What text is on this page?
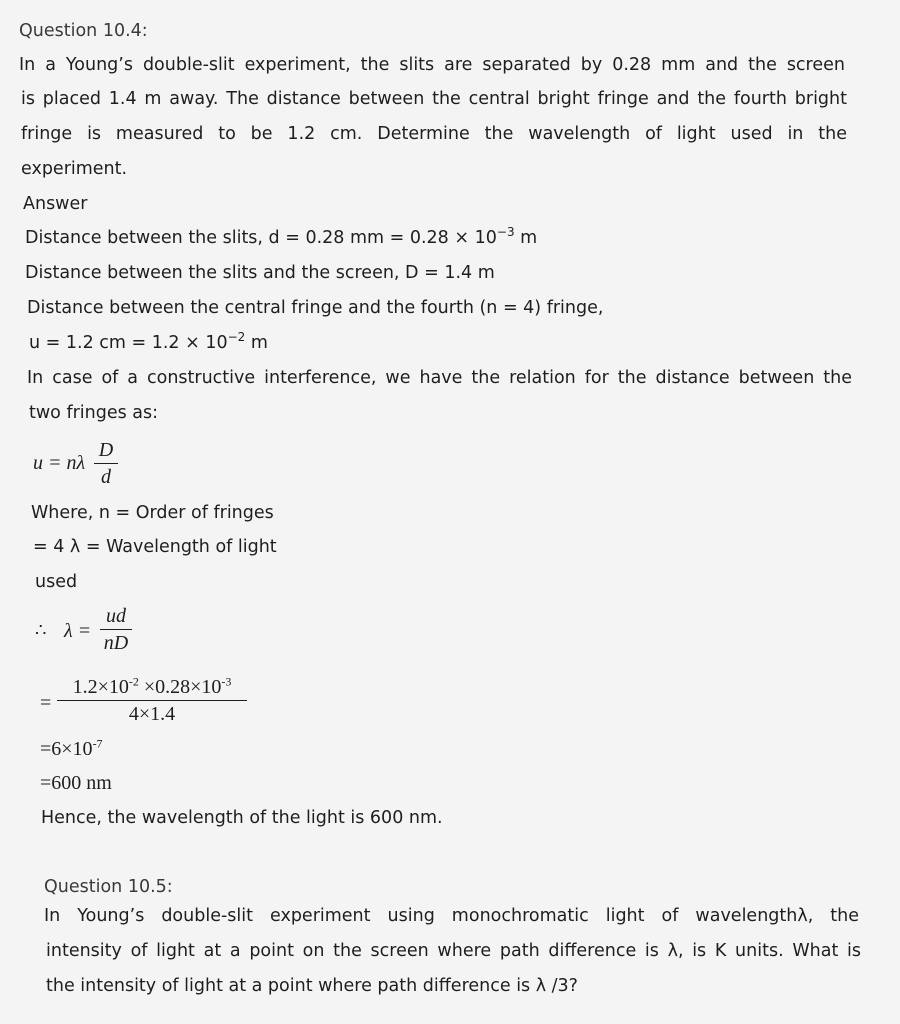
Question 10.4:
In a Young’s double-slit experiment, the slits are separated by 0.28 mm and the screen
is placed 1.4 m away. The distance between the central bright fringe and the fourth bright
fringe is measured to be 1.2 cm. Determine the wavelength of light used in the
experiment.
Answer
Distance between the slits, d = 0.28 mm = $0.28 \times 10^{-3}$ m
Distance between the slits and the screen, D = 1.4 m
Distance between the central fringe and the fourth (n = 4) fringe,
u = 1.2 cm = $1.2 \times 10^{-2}$ m
In case of a constructive interference, we have the relation for the distance between the
two fringes as:
u = nλ
D
d
Where, n = Order of fringes
= 4 λ = Wavelength of light
used
∴ λ =
ud
nD
=
$1.2\times 10^{-2} \times 0.28\times 10^{-3}$
4×1.4
$=6\times 10^{-7}$
=600 nm
Hence, the wavelength of the light is 600 nm.
Question 10.5:
In Young’s double-slit experiment using monochromatic light of wavelengthλ, the
intensity of light at a point on the screen where path difference is λ, is K units. What is
the intensity of light at a point where path difference is λ /3?
